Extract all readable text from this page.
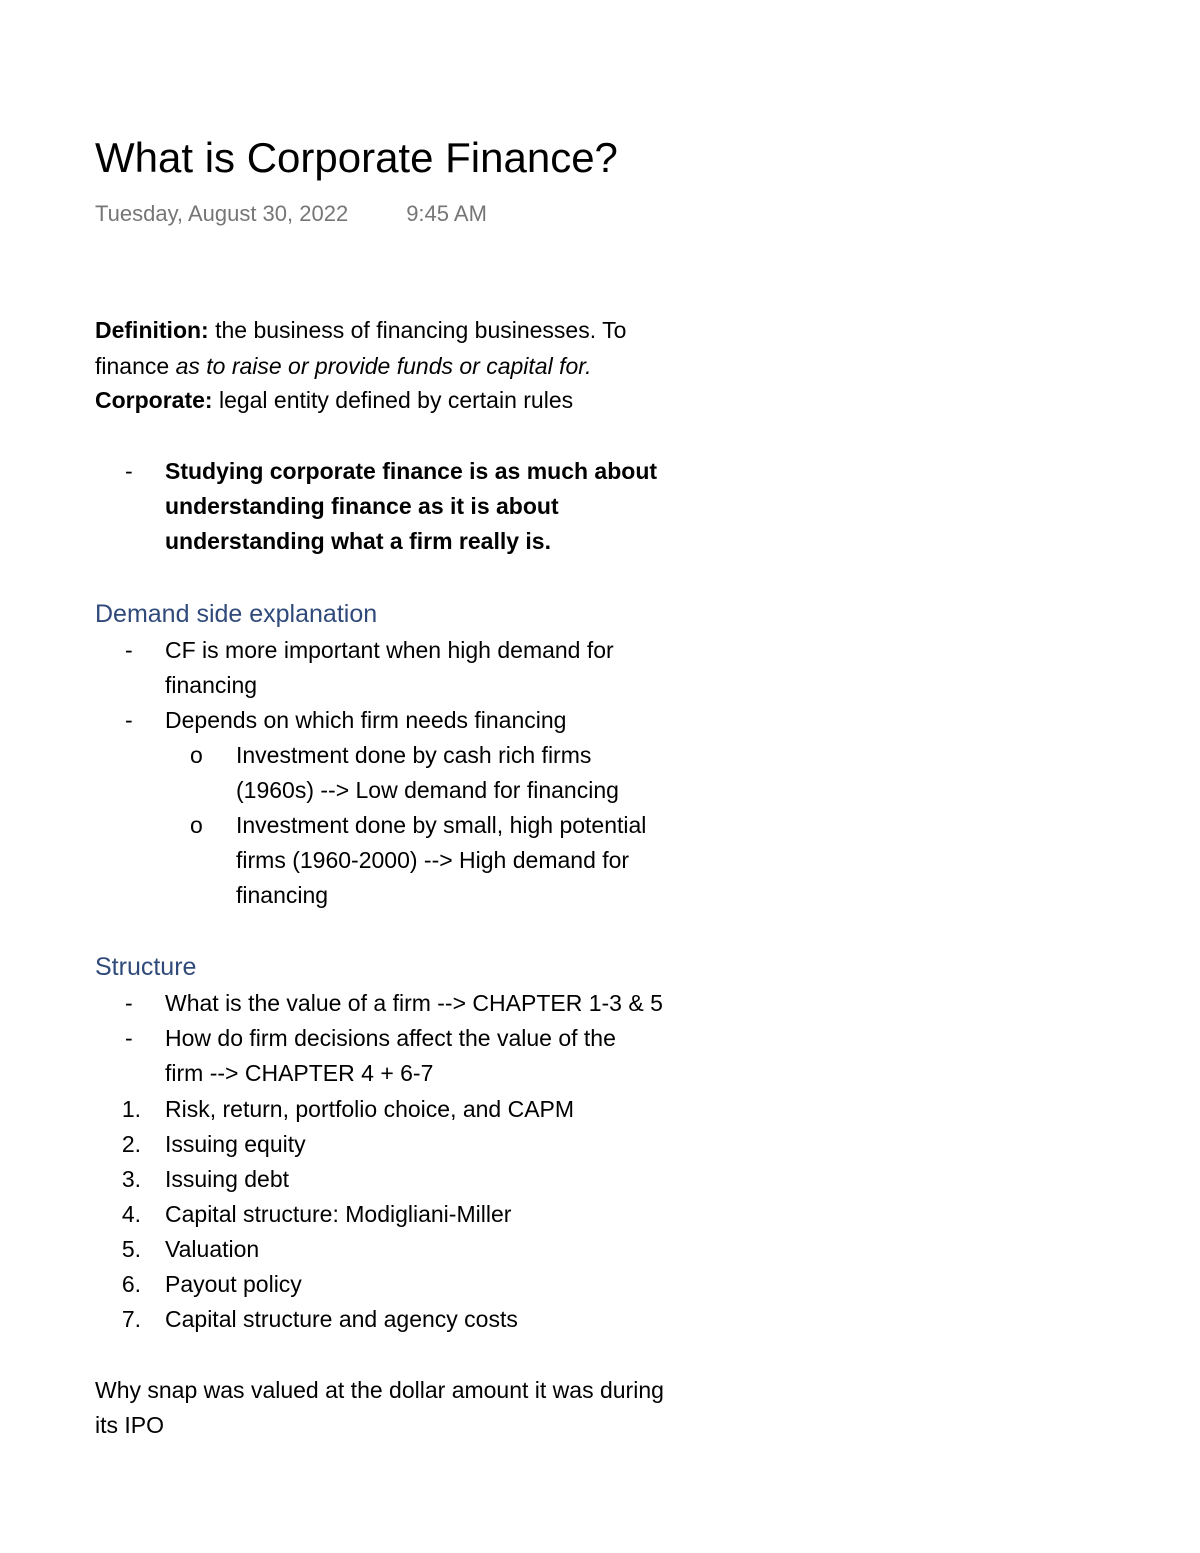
What is Corporate Finance?
Tuesday, August 30, 2022	9:45 AM
Definition: the business of financing businesses. To
finance as to raise or provide funds or capital for.
Corporate: legal entity defined by certain rules
- Studying corporate finance is as much about
understanding finance as it is about
understanding what a firm really is.
Demand side explanation
- CF is more important when high demand for
financing
- Depends on which firm needs financing
o Investment done by cash rich firms
(1960s) --> Low demand for financing
o Investment done by small, high potential
firms (1960-2000) --> High demand for
financing
Structure
- What is the value of a firm --> CHAPTER 1-3 & 5
- How do firm decisions affect the value of the
firm --> CHAPTER 4 + 6-7
1. Risk, return, portfolio choice, and CAPM
2. Issuing equity
3. Issuing debt
4. Capital structure: Modigliani-Miller
5. Valuation
6. Payout policy
7. Capital structure and agency costs
Why snap was valued at the dollar amount it was during
its IPO
